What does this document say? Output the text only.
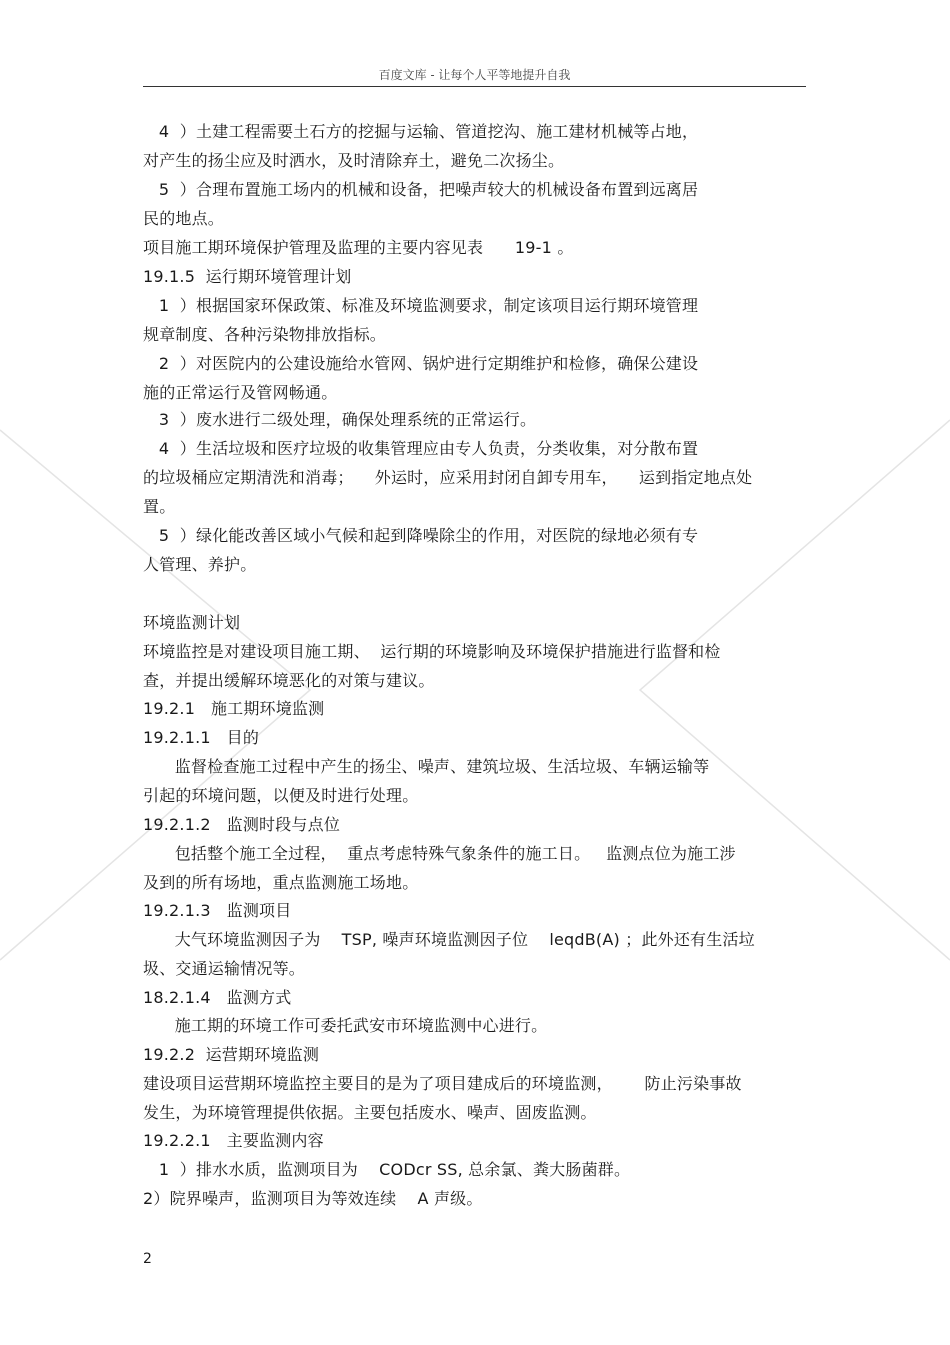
百度文库 - 让每个人平等地提升自我
4  ）土建工程需要土石方的挖掘与运输、管道挖沟、施工建材机械等占地，
对产生的扬尘应及时洒水，及时清除弃土，避免二次扬尘。
5  ）合理布置施工场内的机械和设备，把噪声较大的机械设备布置到远离居
民的地点。
项目施工期环境保护管理及监理的主要内容见表      19-1 。
19.1.5  运行期环境管理计划
1  ）根据国家环保政策、标准及环境监测要求，制定该项目运行期环境管理
规章制度、各种污染物排放指标。
2  ）对医院内的公建设施给水管网、锅炉进行定期维护和检修，确保公建设
施的正常运行及管网畅通。
3  ）废水进行二级处理，确保处理系统的正常运行。
4  ）生活垃圾和医疗垃圾的收集管理应由专人负责，分类收集，对分散布置
的垃圾桶应定期清洗和消毒；    外运时，应采用封闭自卸专用车，    运到指定地点处
置。
5  ）绿化能改善区域小气候和起到降噪除尘的作用，对医院的绿地必须有专
人管理、养护。
环境监测计划
环境监控是对建设项目施工期、  运行期的环境影响及环境保护措施进行监督和检
查，并提出缓解环境恶化的对策与建议。
19.2.1   施工期环境监测
19.2.1.1   目的
监督检查施工过程中产生的扬尘、噪声、建筑垃圾、生活垃圾、车辆运输等
引起的环境问题，以便及时进行处理。
19.2.1.2   监测时段与点位
包括整个施工全过程，  重点考虑特殊气象条件的施工日。   监测点位为施工涉
及到的所有场地，重点监测施工场地。
19.2.1.3   监测项目
大气环境监测因子为    TSP, 噪声环境监测因子位    leqdB(A) ；此外还有生活垃
圾、交通运输情况等。
18.2.1.4   监测方式
施工期的环境工作可委托武安市环境监测中心进行。
19.2.2  运营期环境监测
建设项目运营期环境监控主要目的是为了项目建成后的环境监测，      防止污染事故
发生，为环境管理提供依据。主要包括废水、噪声、固废监测。
19.2.2.1   主要监测内容
1  ）排水水质，监测项目为    CODcr SS, 总余氯、粪大肠菌群。
2）院界噪声，监测项目为等效连续    A 声级。
2
